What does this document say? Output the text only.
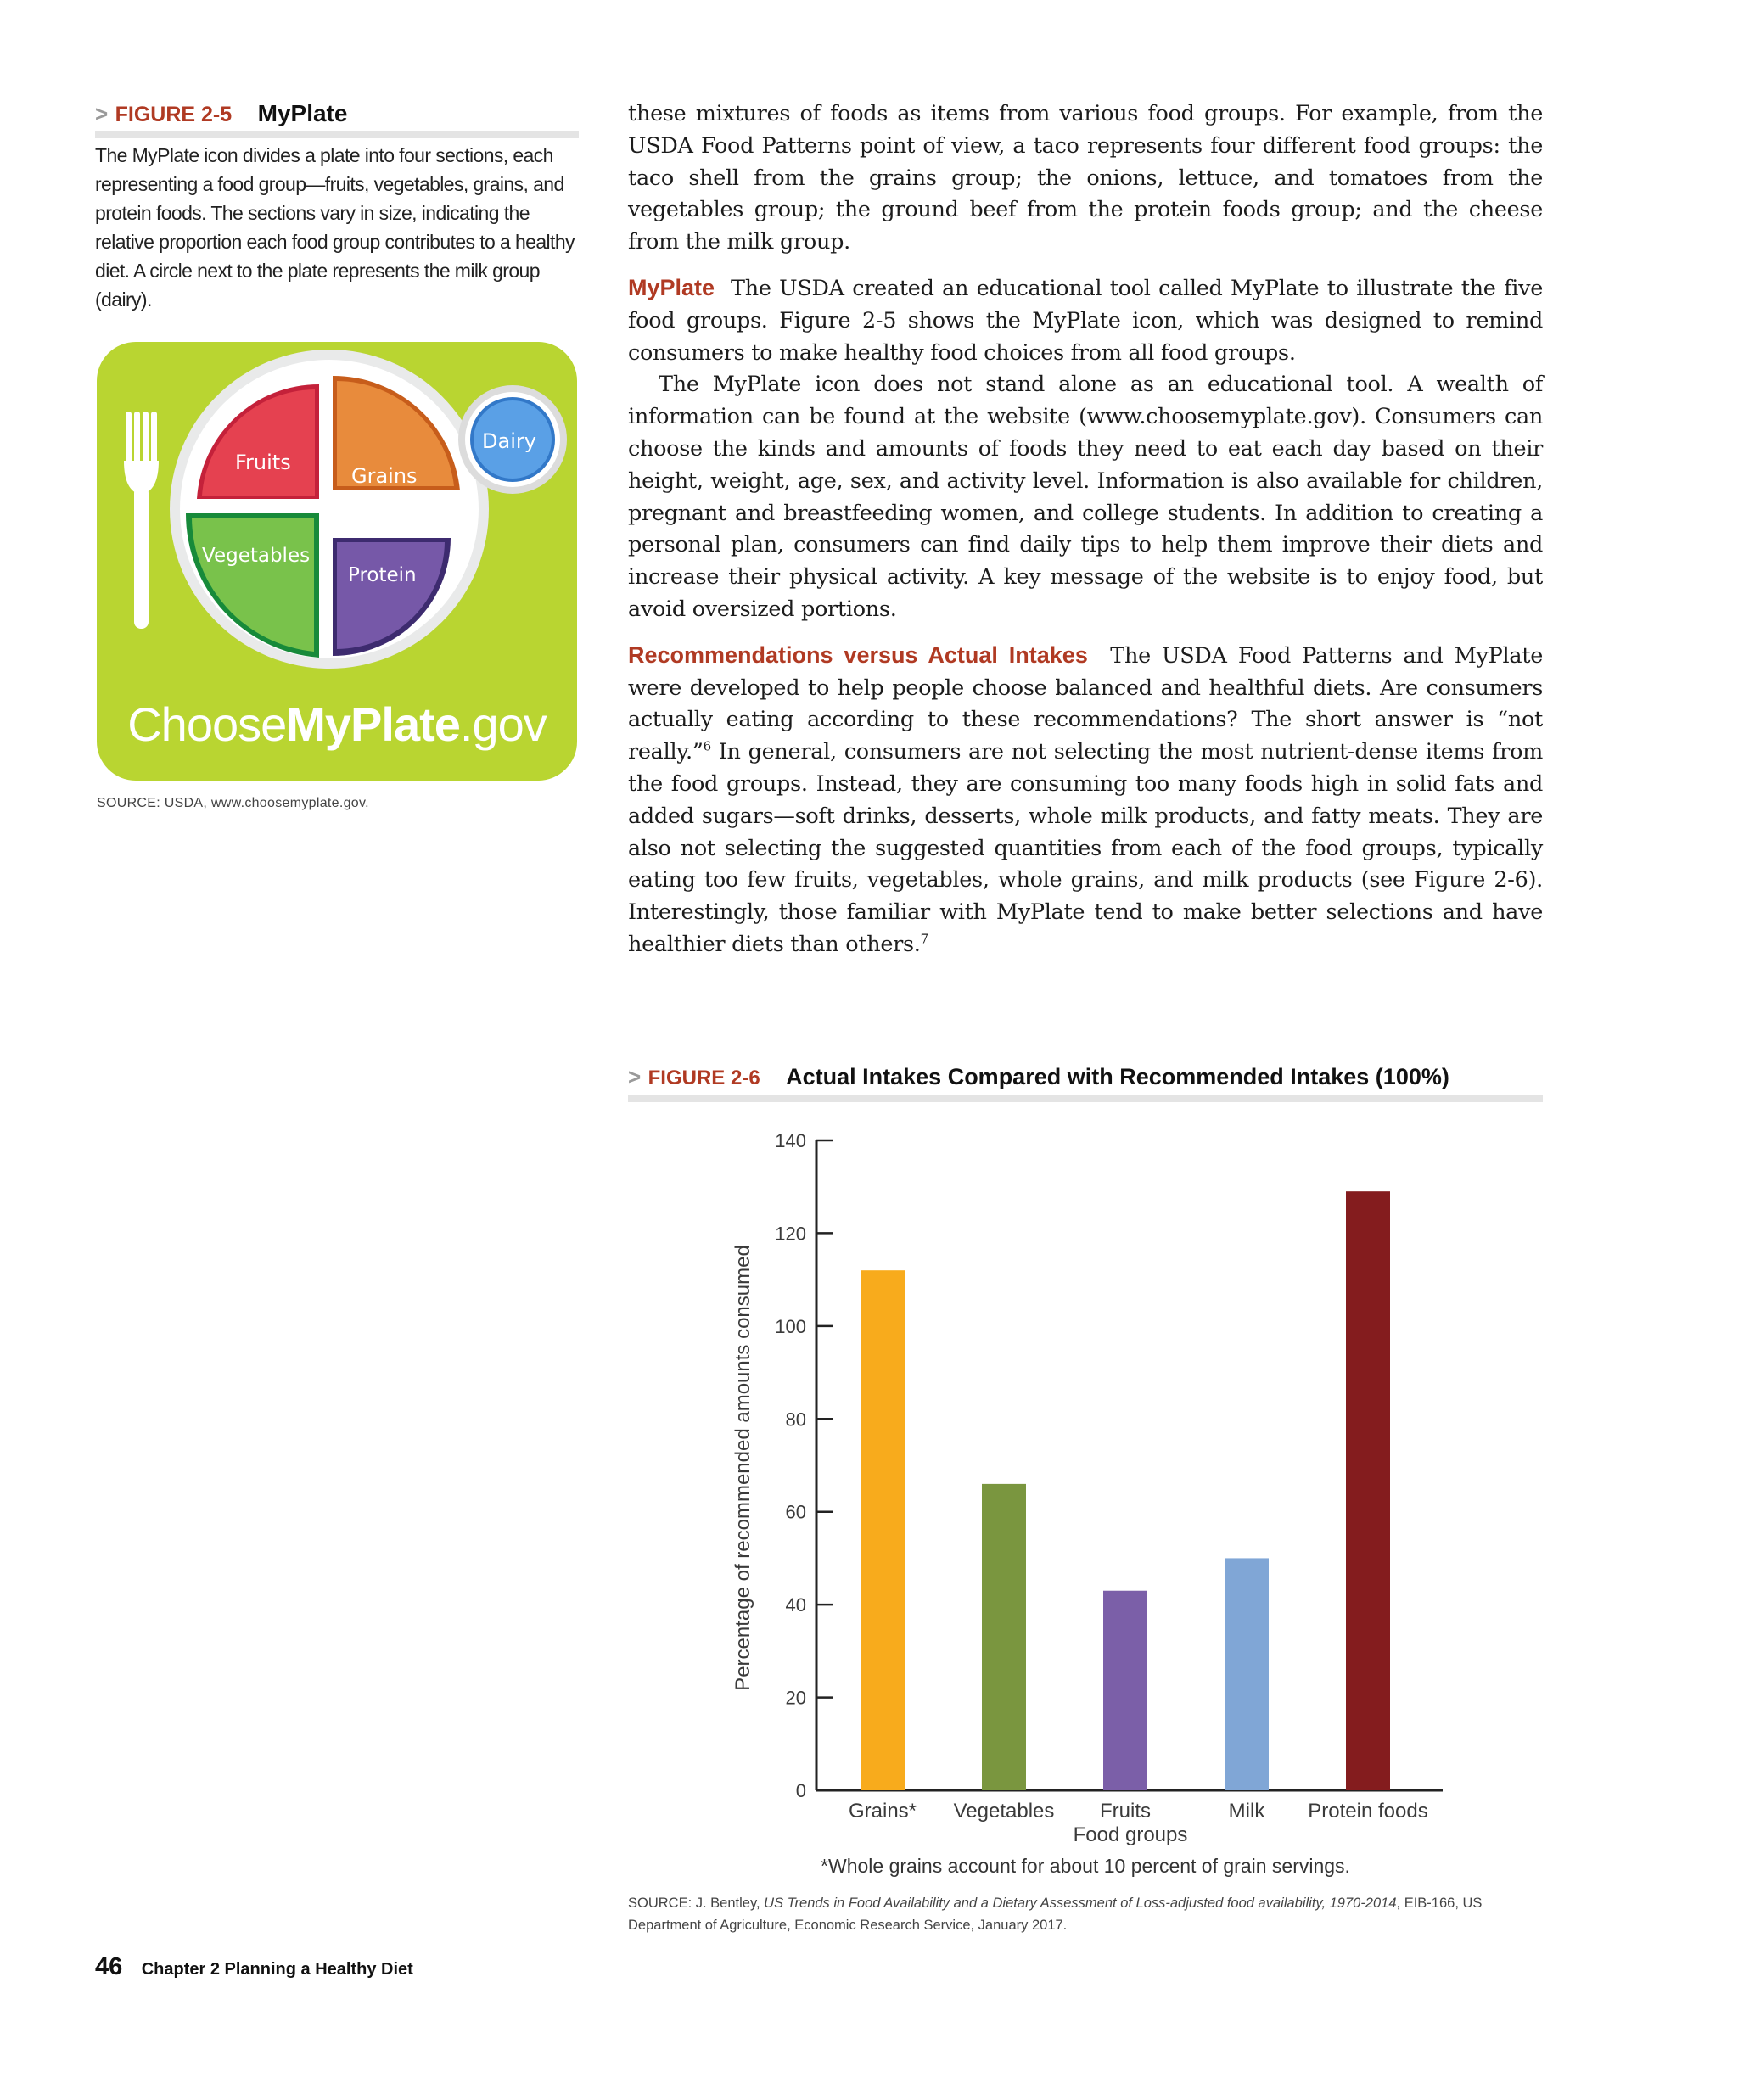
> FIGURE 2-5 MyPlate
The MyPlate icon divides a plate into four sections, each representing a food group—fruits, vegetables, grains, and protein foods. The sections vary in size, indicating the relative proportion each food group contributes to a healthy diet. A circle next to the plate represents the milk group (dairy).
Fruits
Grains
Vegetables
Protein
Dairy
ChooseMyPlate.gov
SOURCE: USDA, www.choosemyplate.gov.

these mixtures of foods as items from various food groups. For example, from the USDA Food Patterns point of view, a taco represents four different food groups: the taco shell from the grains group; the onions, lettuce, and tomatoes from the vegetables group; the ground beef from the protein foods group; and the cheese from the milk group.

MyPlate The USDA created an educational tool called MyPlate to illustrate the five food groups. Figure 2-5 shows the MyPlate icon, which was designed to remind consumers to make healthy food choices from all food groups.

The MyPlate icon does not stand alone as an educational tool. A wealth of information can be found at the website (www.choosemyplate.gov). Consumers can choose the kinds and amounts of foods they need to eat each day based on their height, weight, age, sex, and activity level. Information is also available for children, pregnant and breastfeeding women, and college students. In addition to creating a personal plan, consumers can find daily tips to help them improve their diets and increase their physical activity. A key message of the website is to enjoy food, but avoid oversized portions.

Recommendations versus Actual Intakes The USDA Food Patterns and MyPlate were developed to help people choose balanced and healthful diets. Are consumers actually eating according to these recommendations? The short answer is “not really.”$^6$ In general, consumers are not selecting the most nutrient-dense items from the food groups. Instead, they are consuming too many foods high in solid fats and added sugars—soft drinks, desserts, whole milk products, and fatty meats. They are also not selecting the suggested quantities from each of the food groups, typically eating too few fruits, vegetables, whole grains, and milk products (see Figure 2-6). Interestingly, those familiar with MyPlate tend to make better selections and have healthier diets than others.$^7$

> FIGURE 2-6 Actual Intakes Compared with Recommended Intakes (100%)
0
20
40
60
80
100
120
140
Grains* Vegetables Fruits	Milk Protein foods
Percentage of recommended amounts consumed
Food groups
*Whole grains account for about 10 percent of grain servings.
SOURCE: J. Bentley, US Trends in Food Availability and a Dietary Assessment of Loss-adjusted food availability, 1970-2014, EIB-166, US Department of Agriculture, Economic Research Service, January 2017.
46 Chapter 2 Planning a Healthy Diet
